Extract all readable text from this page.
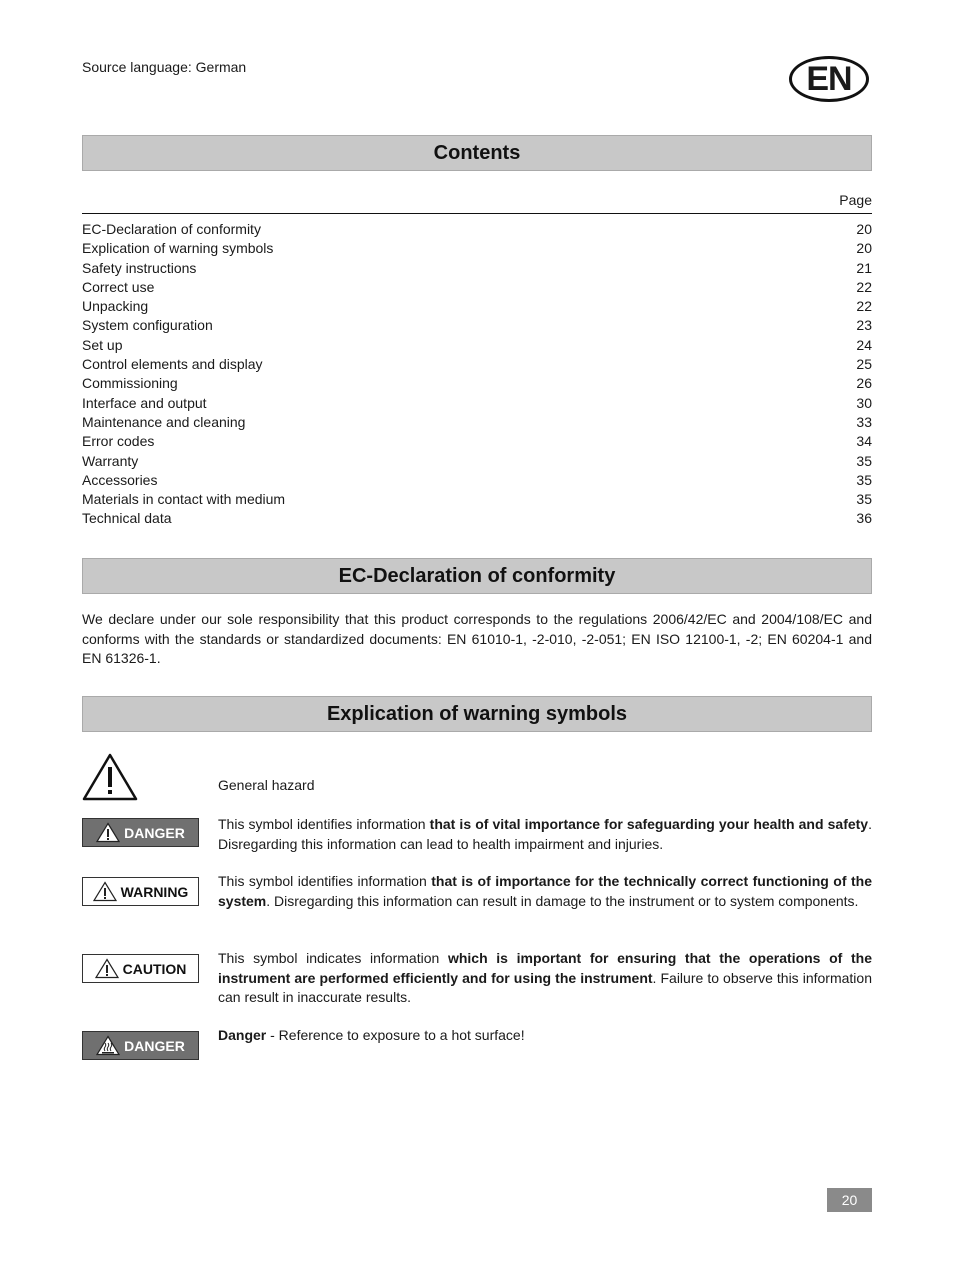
Source language: German	EN
Contents
Page
EC-Declaration of conformity	20
Explication of warning symbols	20
Safety instructions	21
Correct use	22
Unpacking	22
System configuration	23
Set up	24
Control elements and display	25
Commissioning	26
Interface and output	30
Maintenance and cleaning	33
Error codes	34
Warranty	35
Accessories	35
Materials in contact with medium	35
Technical data	36
EC-Declaration of conformity
We declare under our sole responsibility that this product corresponds to the regulations 2006/42/EC and 2004/108/EC and conforms with the standards or standardized documents: EN 61010-1, -2-010, -2-051; EN ISO 12100-1, -2; EN 60204-1 and EN 61326-1.
Explication of warning symbols
General hazard
DANGER
This symbol identifies information that is of vital importance for safeguarding your health and safety. Disregarding this information can lead to health impairment and injuries.
WARNING
This symbol identifies information that is of importance for the technically correct functioning of the system. Disregarding this information can result in damage to the instrument or to system components.
CAUTION
This symbol indicates information which is important for ensuring that the operations of the instrument are performed efficiently and for using the instrument. Failure to observe this information can result in inaccurate results.
DANGER
Danger - Reference to exposure to a hot surface!
20
